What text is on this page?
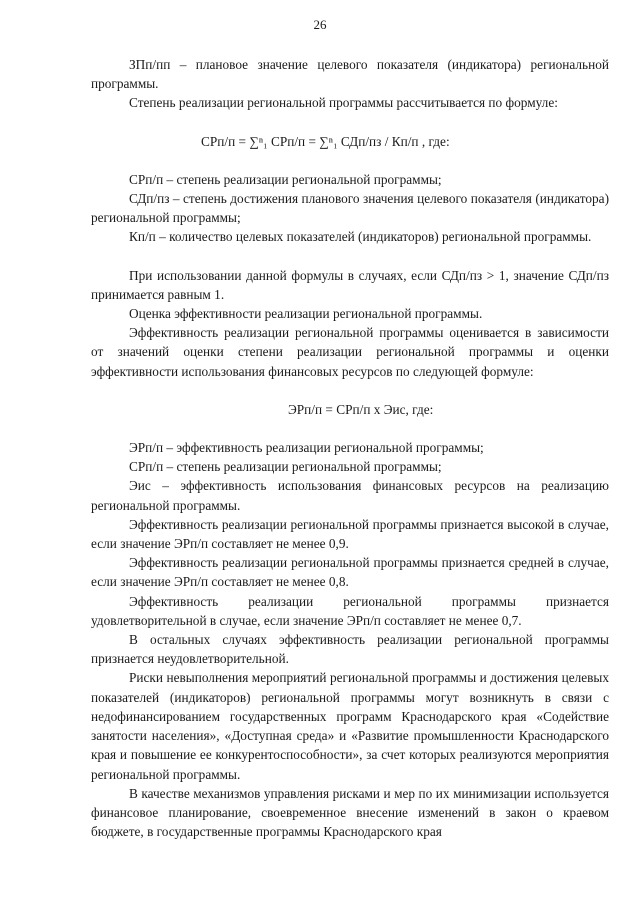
26

ЗПп/пп – плановое значение целевого показателя (индикатора) региональной программы.

Степень реализации региональной программы рассчитывается по формуле:

СРп/п = ∑ⁿ₁ СРп/п = ∑ⁿ₁ СДп/пз / Кп/п , где:

СРп/п – степень реализации региональной программы;

СДп/пз – степень достижения планового значения целевого показателя (индикатора) региональной программы;

Кп/п – количество целевых показателей (индикаторов) региональной программы.

При использовании данной формулы в случаях, если СДп/пз > 1, значение СДп/пз принимается равным 1.

Оценка эффективности реализации региональной программы.

Эффективность реализации региональной программы оценивается в зависимости от значений оценки степени реализации региональной программы и оценки эффективности использования финансовых ресурсов по следующей формуле:

ЭРп/п = СРп/п х Эис, где:

ЭРп/п – эффективность реализации региональной программы;

СРп/п – степень реализации региональной программы;

Эис – эффективность использования финансовых ресурсов на реализацию региональной программы.

Эффективность реализации региональной программы признается высокой в случае, если значение ЭРп/п составляет не менее 0,9.

Эффективность реализации региональной программы признается средней в случае, если значение ЭРп/п составляет не менее 0,8.

Эффективность реализации региональной программы признается удовлетворительной в случае, если значение ЭРп/п составляет не менее 0,7.

В остальных случаях эффективность реализации региональной программы признается неудовлетворительной.

Риски невыполнения мероприятий региональной программы и достижения целевых показателей (индикаторов) региональной программы могут возникнуть в связи с недофинансированием государственных программ Краснодарского края «Содействие занятости населения», «Доступная среда» и «Развитие промышленности Краснодарского края и повышение ее конкурентоспособности», за счет которых реализуются мероприятия региональной программы.

В качестве механизмов управления рисками и мер по их минимизации используется финансовое планирование, своевременное внесение изменений в закон о краевом бюджете, в государственные программы Краснодарского края
